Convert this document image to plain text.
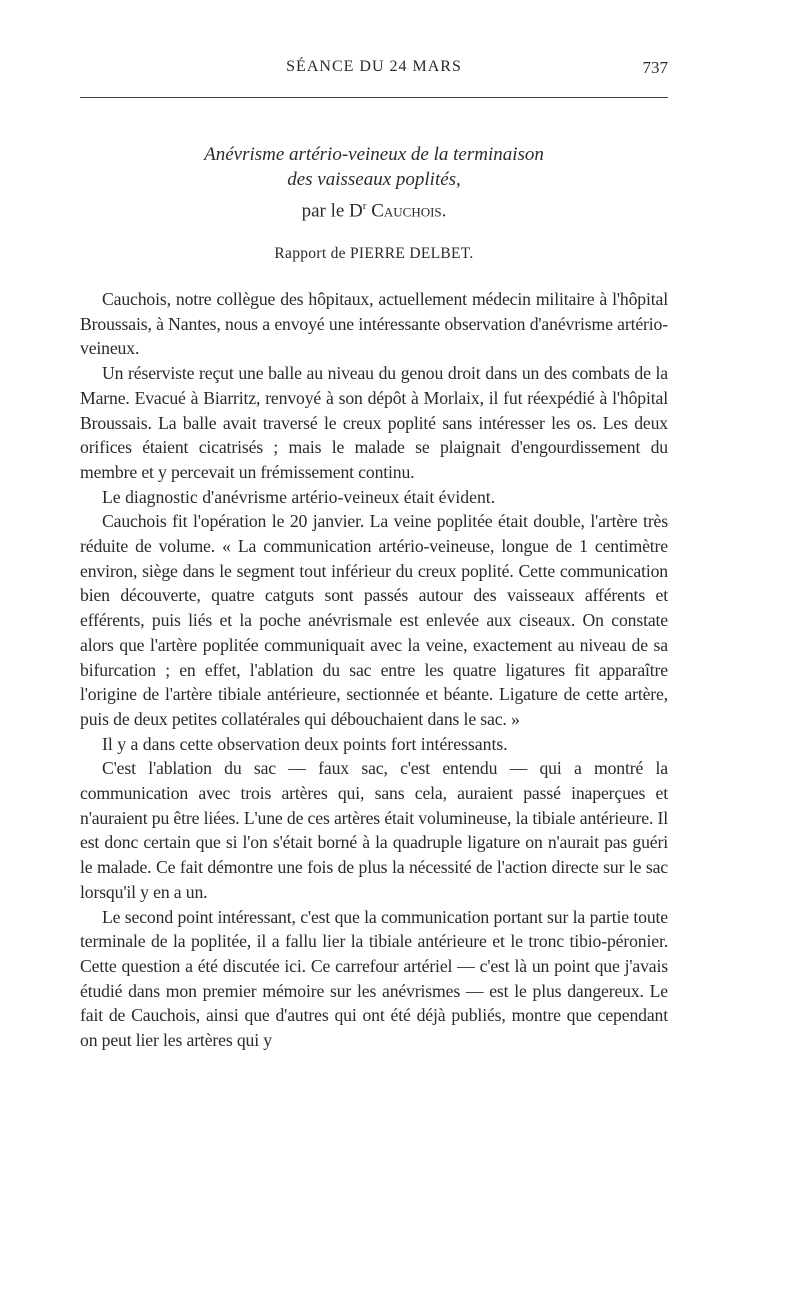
SÉANCE DU 24 MARS	737
Anévrisme artério-veineux de la terminaison
des vaisseaux poplités,
par le $D^r$ Cauchois.
Rapport de PIERRE DELBET.

Cauchois, notre collègue des hôpitaux, actuellement médecin militaire à l'hôpital Broussais, à Nantes, nous a envoyé une intéressante observation d'anévrisme artério-veineux.

Un réserviste reçut une balle au niveau du genou droit dans un des combats de la Marne. Evacué à Biarritz, renvoyé à son dépôt à Morlaix, il fut réexpédié à l'hôpital Broussais. La balle avait traversé le creux poplité sans intéresser les os. Les deux orifices étaient cicatrisés ; mais le malade se plaignait d'engourdissement du membre et y percevait un frémissement continu.

Le diagnostic d'anévrisme artério-veineux était évident.

Cauchois fit l'opération le 20 janvier. La veine poplitée était double, l'artère très réduite de volume. « La communication artério-veineuse, longue de 1 centimètre environ, siège dans le segment tout inférieur du creux poplité. Cette communication bien découverte, quatre catguts sont passés autour des vaisseaux afférents et efférents, puis liés et la poche anévrismale est enlevée aux ciseaux. On constate alors que l'artère poplitée communiquait avec la veine, exactement au niveau de sa bifurcation ; en effet, l'ablation du sac entre les quatre ligatures fit apparaître l'origine de l'artère tibiale antérieure, sectionnée et béante. Ligature de cette artère, puis de deux petites collatérales qui débouchaient dans le sac. »

Il y a dans cette observation deux points fort intéressants.

C'est l'ablation du sac — faux sac, c'est entendu — qui a montré la communication avec trois artères qui, sans cela, auraient passé inaperçues et n'auraient pu être liées. L'une de ces artères était volumineuse, la tibiale antérieure. Il est donc certain que si l'on s'était borné à la quadruple ligature on n'aurait pas guéri le malade. Ce fait démontre une fois de plus la nécessité de l'action directe sur le sac lorsqu'il y en a un.

Le second point intéressant, c'est que la communication portant sur la partie toute terminale de la poplitée, il a fallu lier la tibiale antérieure et le tronc tibio-péronier. Cette question a été discutée ici. Ce carrefour artériel — c'est là un point que j'avais étudié dans mon premier mémoire sur les anévrismes — est le plus dangereux. Le fait de Cauchois, ainsi que d'autres qui ont été déjà publiés, montre que cependant on peut lier les artères qui y
